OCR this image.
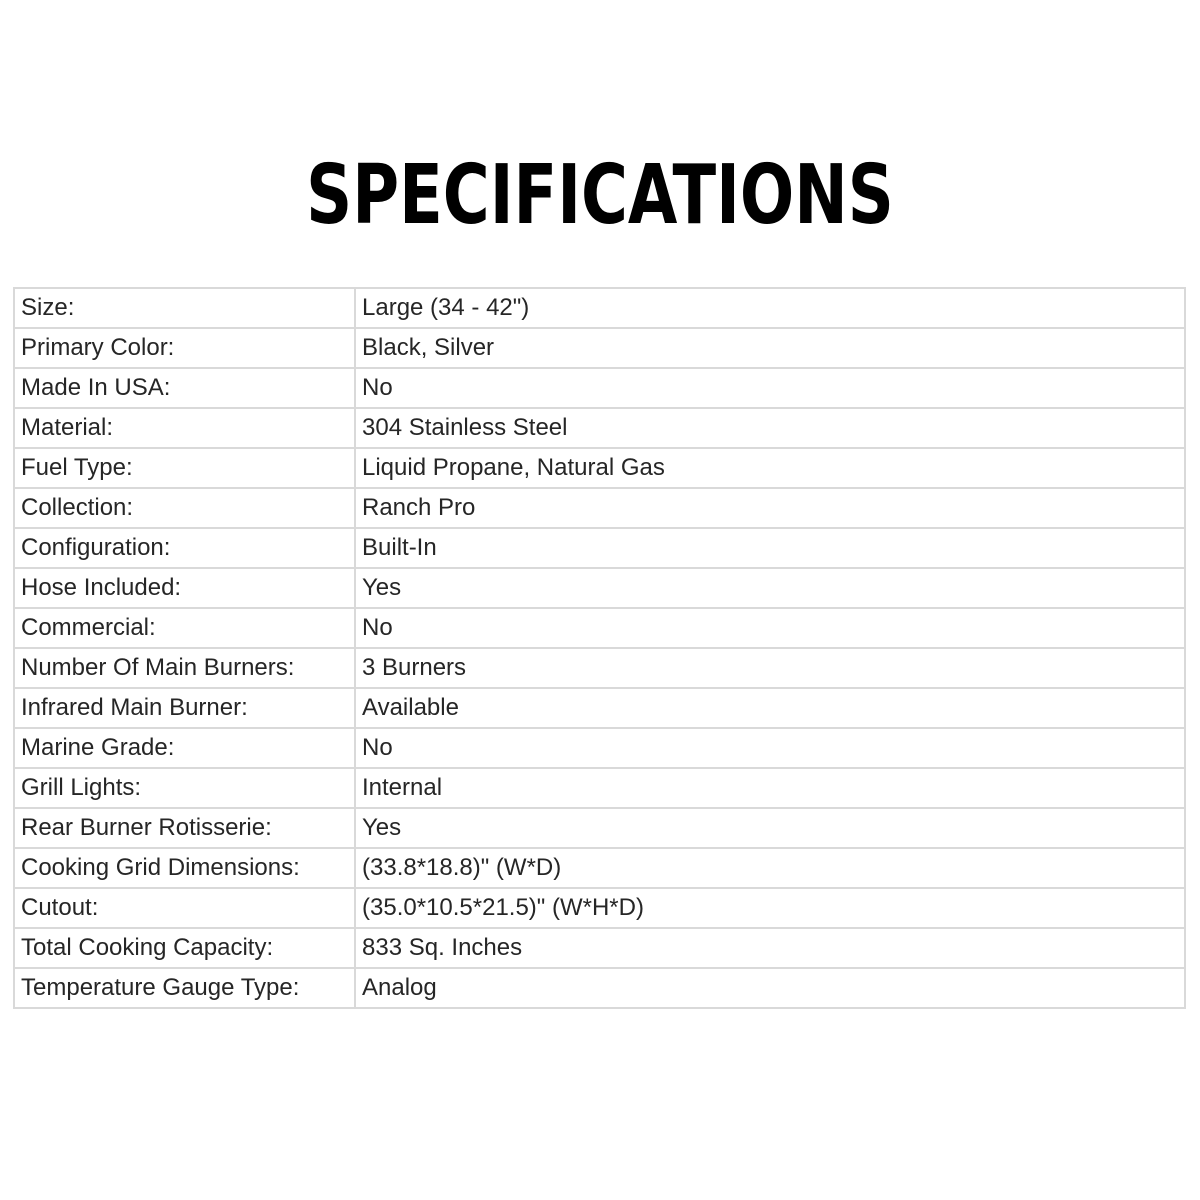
SPECIFICATIONS
Size:	Large (34 - 42")
Primary Color:	Black, Silver
Made In USA:	No
Material:	304 Stainless Steel
Fuel Type:	Liquid Propane, Natural Gas
Collection:	Ranch Pro
Configuration:	Built-In
Hose Included:	Yes
Commercial:	No
Number Of Main Burners:	3 Burners
Infrared Main Burner:	Available
Marine Grade:	No
Grill Lights:	Internal
Rear Burner Rotisserie:	Yes
Cooking Grid Dimensions:	(33.8*18.8)" (W*D)
Cutout:	(35.0*10.5*21.5)" (W*H*D)
Total Cooking Capacity:	833 Sq. Inches
Temperature Gauge Type:	Analog
